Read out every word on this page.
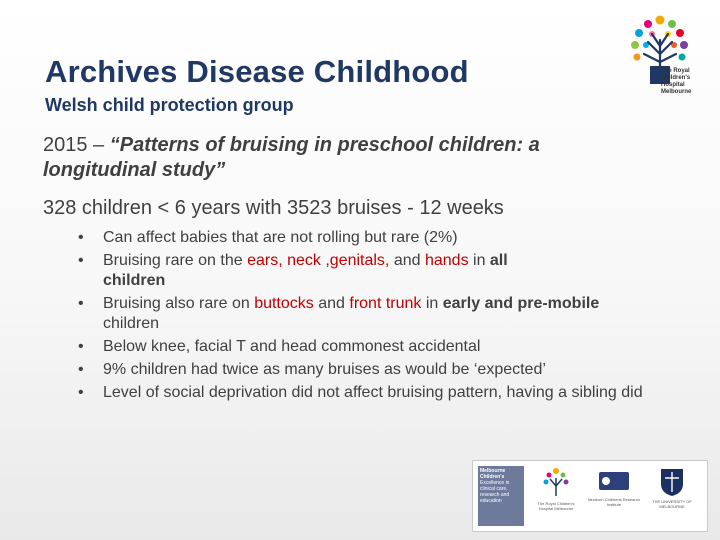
The Royal
Children's
Hospital
Melbourne
Archives Disease Childhood
Welsh child protection group
2015 – “Patterns of bruising in preschool children: a longitudinal study”
328 children < 6 years with 3523 bruises - 12 weeks
• Can affect babies that are not rolling but rare (2%)
• Bruising rare on the ears, neck ,genitals, and hands in all
children
• Bruising also rare on buttocks and front trunk in early and pre-mobile children
• Below knee, facial T and head commonest accidental
• 9% children had twice as many bruises as would be ‘expected’
• Level of social deprivation did not affect bruising pattern, having a sibling did
Melbourne
Children's
Excellence in clinical care, research and education	The Royal Children's Hospital Melbourne
Murdoch Childrens Research Institute
THE UNIVERSITY OF MELBOURNE
